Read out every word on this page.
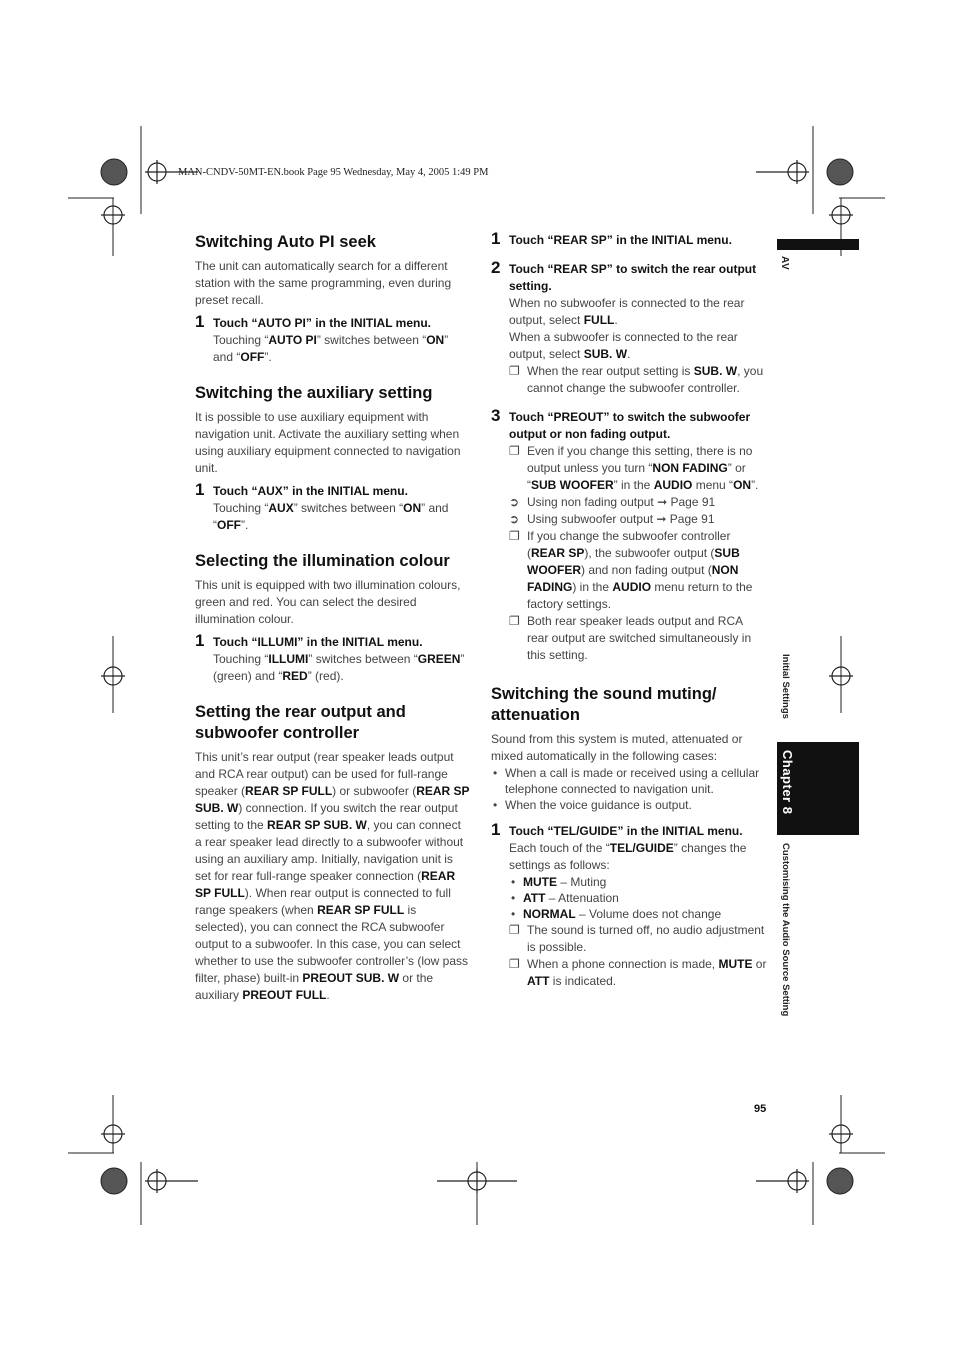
MAN-CNDV-50MT-EN.book Page 95 Wednesday, May 4, 2005 1:49 PM
AV
Initial Settings
Chapter 8
Customising the Audio Source Setting
95
Switching Auto PI seek

The unit can automatically search for a different station with the same programming, even during preset recall.

1 Touch “AUTO PI” in the INITIAL menu.
Touching “AUTO PI” switches between “ON” and “OFF”.
Switching the auxiliary setting

It is possible to use auxiliary equipment with navigation unit. Activate the auxiliary setting when using auxiliary equipment connected to navigation unit.

1 Touch “AUX” in the INITIAL menu.
Touching “AUX” switches between “ON” and “OFF”.
Selecting the illumination colour

This unit is equipped with two illumination colours, green and red. You can select the desired illumination colour.

1 Touch “ILLUMI” in the INITIAL menu.
Touching “ILLUMI” switches between “GREEN” (green) and “RED” (red).
Setting the rear output and subwoofer controller

This unit’s rear output (rear speaker leads output and RCA rear output) can be used for full-range speaker (REAR SP FULL) or subwoofer (REAR SP SUB. W) connection. If you switch the rear output setting to the REAR SP SUB. W, you can connect a rear speaker lead directly to a subwoofer without using an auxiliary amp. Initially, navigation unit is set for rear full-range speaker connection (REAR SP FULL). When rear output is connected to full range speakers (when REAR SP FULL is selected), you can connect the RCA subwoofer output to a subwoofer. In this case, you can select whether to use the subwoofer controller’s (low pass filter, phase) built-in PREOUT SUB. W or the auxiliary PREOUT FULL.

1 Touch “REAR SP” in the INITIAL menu.
2 Touch “REAR SP” to switch the rear output setting.
When no subwoofer is connected to the rear output, select FULL.
When a subwoofer is connected to the rear output, select SUB. W.
❐ When the rear output setting is SUB. W, you cannot change the subwoofer controller.
3 Touch “PREOUT” to switch the subwoofer output or non fading output.
❐ Even if you change this setting, there is no output unless you turn “NON FADING” or “SUB WOOFER” in the AUDIO menu “ON”.
➲ Using non fading output ➞ Page 91
➲ Using subwoofer output ➞ Page 91
❐ If you change the subwoofer controller (REAR SP), the subwoofer output (SUB WOOFER) and non fading output (NON FADING) in the AUDIO menu return to the factory settings.
❐ Both rear speaker leads output and RCA rear output are switched simultaneously in this setting.
Switching the sound muting/ attenuation

Sound from this system is muted, attenuated or mixed automatically in the following cases:

• When a call is made or received using a cellular telephone connected to navigation unit.
• When the voice guidance is output.
1 Touch “TEL/GUIDE” in the INITIAL menu.
Each touch of the “TEL/GUIDE” changes the settings as follows:
• MUTE – Muting
• ATT – Attenuation
• NORMAL – Volume does not change
❐ The sound is turned off, no audio adjustment is possible.
❐ When a phone connection is made, MUTE or ATT is indicated.
